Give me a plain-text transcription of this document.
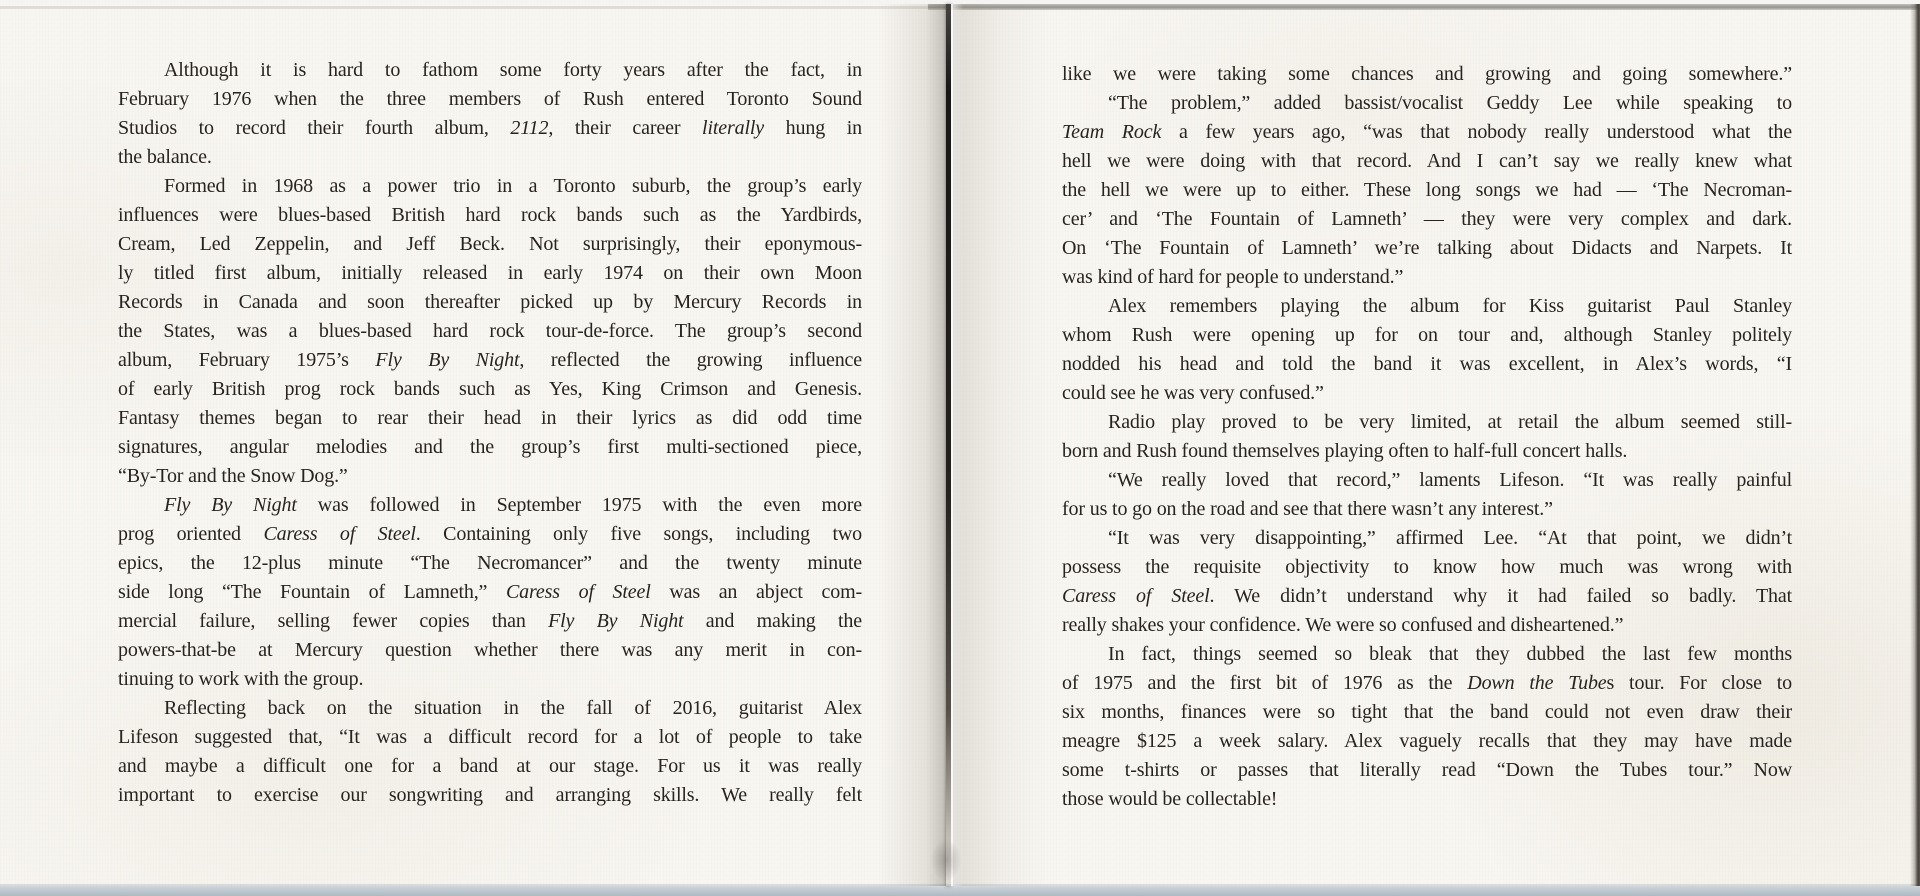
Although it is hard to fathom some forty years after the fact, in
February 1976 when the three members of Rush entered Toronto Sound
Studios to record their fourth album, 2112, their career literally hung in
the balance.
Formed in 1968 as a power trio in a Toronto suburb, the group’s early
influences were blues-based British hard rock bands such as the Yardbirds,
Cream, Led Zeppelin, and Jeff Beck. Not surprisingly, their eponymous-
ly titled first album, initially released in early 1974 on their own Moon
Records in Canada and soon thereafter picked up by Mercury Records in
the States, was a blues-based hard rock tour-de-force. The group’s second
album, February 1975’s Fly By Night, reflected the growing influence
of early British prog rock bands such as Yes, King Crimson and Genesis.
Fantasy themes began to rear their head in their lyrics as did odd time
signatures, angular melodies and the group’s first multi-sectioned piece,
“By-Tor and the Snow Dog.”
Fly By Night was followed in September 1975 with the even more
prog oriented Caress of Steel. Containing only five songs, including two
epics, the 12-plus minute “The Necromancer” and the twenty minute
side long “The Fountain of Lamneth,” Caress of Steel was an abject com-
mercial failure, selling fewer copies than Fly By Night and making the
powers-that-be at Mercury question whether there was any merit in con-
tinuing to work with the group.
Reflecting back on the situation in the fall of 2016, guitarist Alex
Lifeson suggested that, “It was a difficult record for a lot of people to take
and maybe a difficult one for a band at our stage. For us it was really
important to exercise our songwriting and arranging skills. We really felt
like we were taking some chances and growing and going somewhere.”
“The problem,” added bassist/vocalist Geddy Lee while speaking to
Team Rock a few years ago, “was that nobody really understood what the
hell we were doing with that record. And I can’t say we really knew what
the hell we were up to either. These long songs we had — ‘The Necroman-
cer’ and ‘The Fountain of Lamneth’ — they were very complex and dark.
On ‘The Fountain of Lamneth’ we’re talking about Didacts and Narpets. It
was kind of hard for people to understand.”
Alex remembers playing the album for Kiss guitarist Paul Stanley
whom Rush were opening up for on tour and, although Stanley politely
nodded his head and told the band it was excellent, in Alex’s words, “I
could see he was very confused.”
Radio play proved to be very limited, at retail the album seemed still-
born and Rush found themselves playing often to half-full concert halls.
“We really loved that record,” laments Lifeson. “It was really painful
for us to go on the road and see that there wasn’t any interest.”
“It was very disappointing,” affirmed Lee. “At that point, we didn’t
possess the requisite objectivity to know how much was wrong with
Caress of Steel. We didn’t understand why it had failed so badly. That
really shakes your confidence. We were so confused and disheartened.”
In fact, things seemed so bleak that they dubbed the last few months
of 1975 and the first bit of 1976 as the Down the Tubes tour. For close to
six months, finances were so tight that the band could not even draw their
meagre $125 a week salary. Alex vaguely recalls that they may have made
some t-shirts or passes that literally read “Down the Tubes tour.” Now
those would be collectable!
